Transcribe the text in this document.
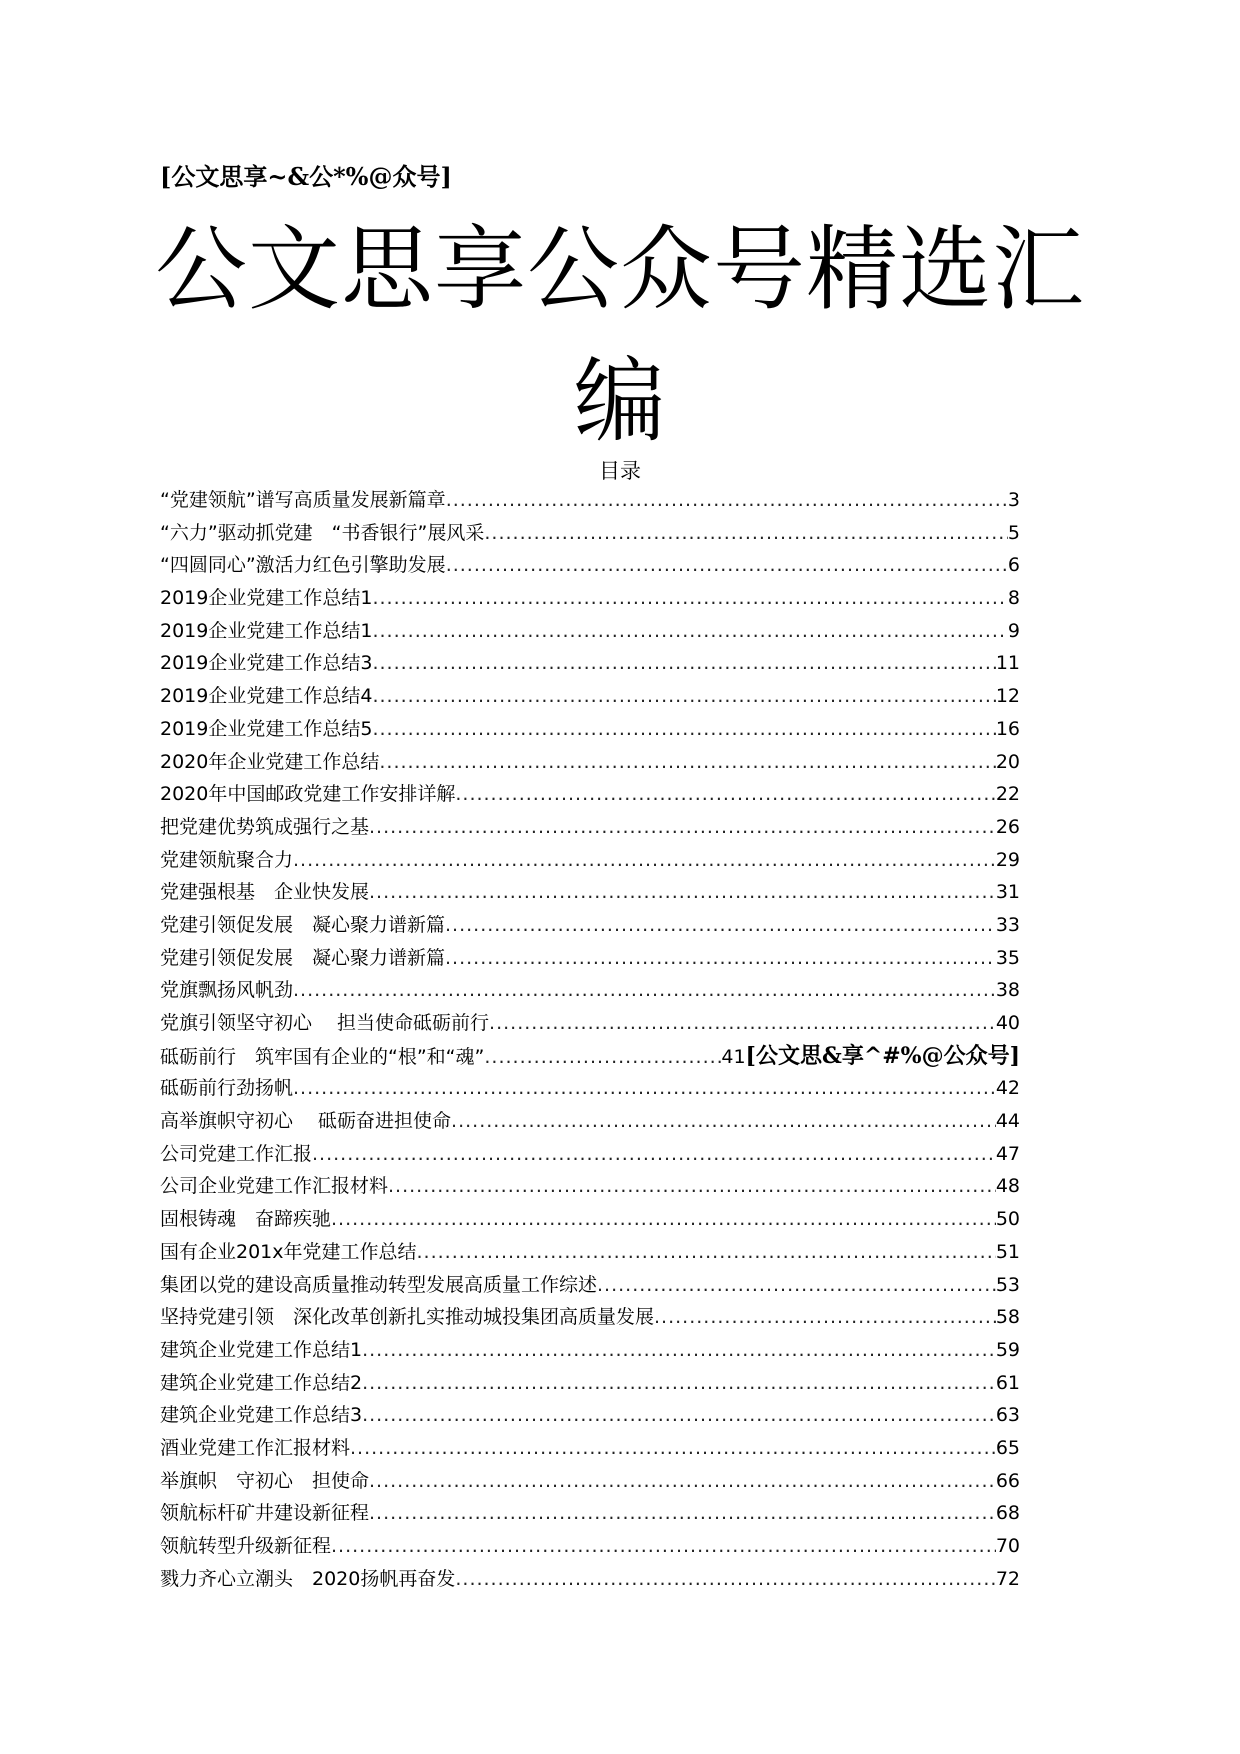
[公文思享~&公*%@众号]
公文思享公众号精选汇编
目录
“党建领航”谱写高质量发展新篇章 .....	3
“六力”驱动抓党建　“书香银行”展风采 .....	5
“四圆同心”激活力红色引擎助发展 .....	6
2019企业党建工作总结1 .....	8
2019企业党建工作总结1 .....	9
2019企业党建工作总结3 .....	11
2019企业党建工作总结4 .....	12
2019企业党建工作总结5 .....	16
2020年企业党建工作总结 .....	20
2020年中国邮政党建工作安排详解 .....	22
把党建优势筑成强行之基 .....	26
党建领航聚合力 .....	29
党建强根基　企业快发展 .....	31
党建引领促发展　凝心聚力谱新篇 .....	33
党建引领促发展　凝心聚力谱新篇 .....	35
党旗飘扬风帆劲 .....	38
党旗引领坚守初心　 担当使命砥砺前行 .....	40
砥砺前行　筑牢国有企业的“根”和“魂” .....	41 [公文思&享^#%@公众号]
砥砺前行劲扬帆 .....	42
高举旗帜守初心　 砥砺奋进担使命 .....	44
公司党建工作汇报 .....	47
公司企业党建工作汇报材料 .....	48
固根铸魂　奋蹄疾驰 .....	50
国有企业201x年党建工作总结 .....	51
集团以党的建设高质量推动转型发展高质量工作综述 .....	53
坚持党建引领　深化改革创新扎实推动城投集团高质量发展 .....	58
建筑企业党建工作总结1 .....	59
建筑企业党建工作总结2 .....	61
建筑企业党建工作总结3 .....	63
酒业党建工作汇报材料 .....	65
举旗帜　守初心　担使命 .....	66
领航标杆矿井建设新征程 .....	68
领航转型升级新征程 .....	70
戮力齐心立潮头　2020扬帆再奋发 .....	72
